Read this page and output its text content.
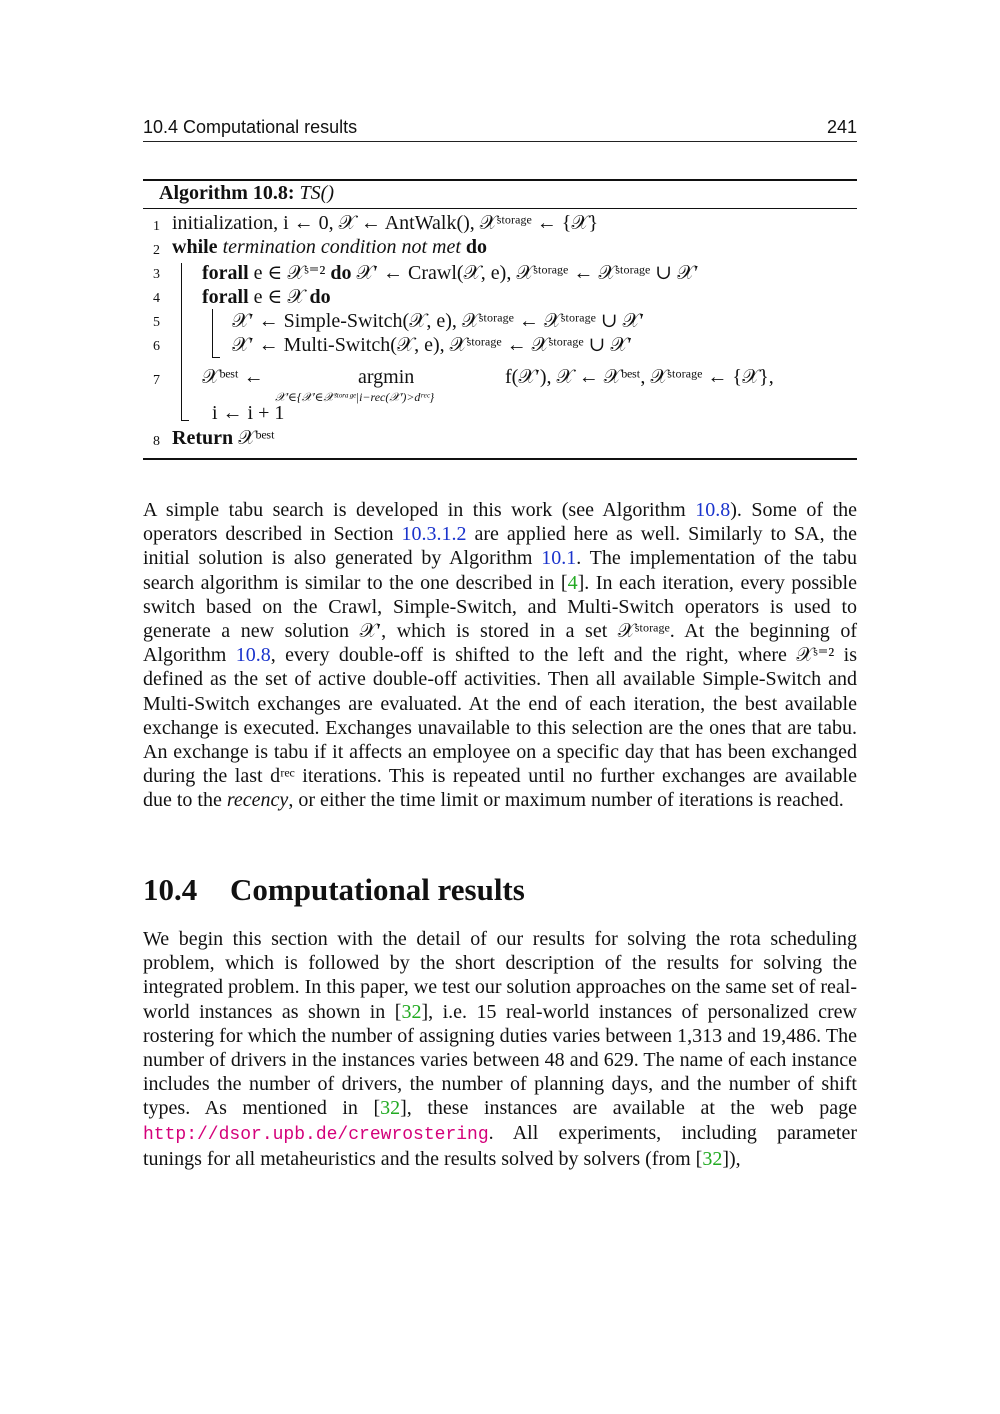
10.4 Computational results	241
Algorithm 10.8: TS()
1 initialization, i ← 0, 𝒳 ← AntWalk(), 𝒳ˢᵗᵒʳᵃᵍᵉ ← {𝒳}
2 while termination condition not met do
3 forall e ∈ 𝒳ˢ⁼² do 𝒳′ ← Crawl(𝒳, e), 𝒳ˢᵗᵒʳᵃᵍᵉ ← 𝒳ˢᵗᵒʳᵃᵍᵉ ∪ 𝒳′
4 forall e ∈ 𝒳 do
5	𝒳′ ← Simple-Switch(𝒳, e), 𝒳ˢᵗᵒʳᵃᵍᵉ ← 𝒳ˢᵗᵒʳᵃᵍᵉ ∪ 𝒳′
6	𝒳′ ← Multi-Switch(𝒳, e), 𝒳ˢᵗᵒʳᵃᵍᵉ ← 𝒳ˢᵗᵒʳᵃᵍᵉ ∪ 𝒳′
7 𝒳ᵇᵉˢᵗ ←	argmin	f(𝒳′), 𝒳 ← 𝒳ᵇᵉˢᵗ, 𝒳ˢᵗᵒʳᵃᵍᵉ ← {𝒳},
𝒳′∈{𝒳′∈𝒳ˢᵗᵒʳᵃᵍᵉ|i−rec(𝒳′)>dʳᵉᶜ}
i ← i + 1
8 Return 𝒳ᵇᵉˢᵗ
A simple tabu search is developed in this work (see Algorithm 10.8). Some of the operators described in Section 10.3.1.2 are applied here as well. Similarly to SA, the initial solution is also generated by Algorithm 10.1. The implementation of the tabu search algorithm is similar to the one described in [4]. In each iteration, every possible switch based on the Crawl, Simple-Switch, and Multi-Switch operators is used to generate a new solution 𝒳′, which is stored in a set 𝒳ˢᵗᵒʳᵃᵍᵉ. At the beginning of Algorithm 10.8, every double-off is shifted to the left and the right, where 𝒳ˢ⁼² is defined as the set of active double-off activities. Then all available Simple-Switch and Multi-Switch exchanges are evaluated. At the end of each iteration, the best available exchange is executed. Exchanges unavailable to this selection are the ones that are tabu. An exchange is tabu if it affects an employee on a specific day that has been exchanged during the last dʳᵉᶜ iterations. This is repeated until no further exchanges are available due to the recency, or either the time limit or maximum number of iterations is reached.
10.4 Computational results
We begin this section with the detail of our results for solving the rota scheduling problem, which is followed by the short description of the results for solving the integrated problem. In this paper, we test our solution approaches on the same set of real-world instances as shown in [32], i.e. 15 real-world instances of personalized crew rostering for which the number of assigning duties varies between 1,313 and 19,486. The number of drivers in the instances varies between 48 and 629. The name of each instance includes the number of drivers, the number of planning days, and the number of shift types. As mentioned in [32], these instances are available at the web page http://dsor.upb.de/crewrostering. All experiments, including parameter tunings for all metaheuristics and the results solved by solvers (from [32]),
